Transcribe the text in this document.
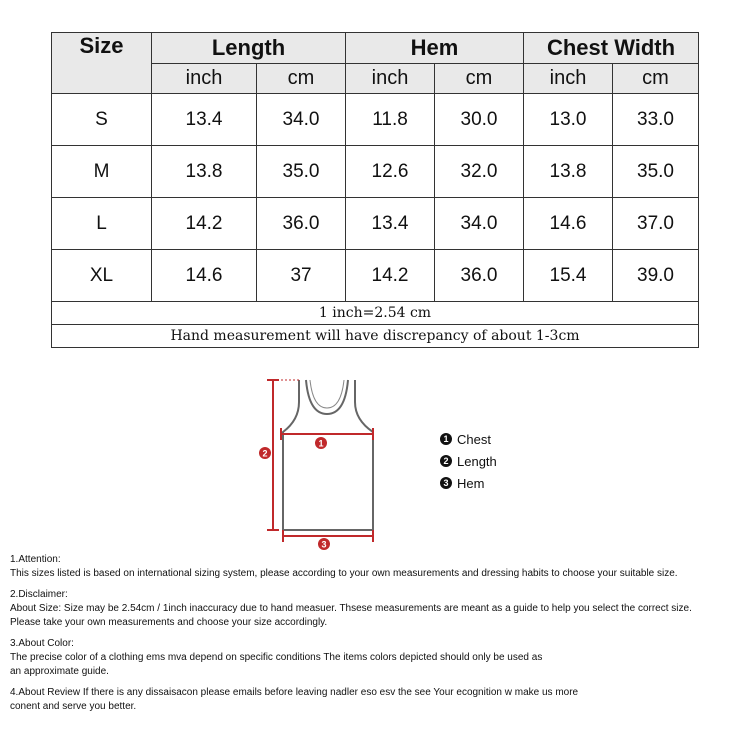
Size	Length		Hem		Chest Width	
	inch	cm	inch	cm	inch	cm
S	13.4	34.0	11.8	30.0	13.0	33.0
M	13.8	35.0	12.6	32.0	13.8	35.0
L	14.2	36.0	13.4	34.0	14.6	37.0
XL	14.6	37	14.2	36.0	15.4	39.0
1 inch=2.54 cm						
Hand measurement will have discrepancy of about 1-3cm						
1
2
3
1 Chest
2 Length
3 Hem

1.Attention:

This sizes listed is based on international sizing system, please according to your own measurements and dressing habits to choose your suitable size.

2.Disclaimer:

About Size: Size may be 2.54cm / 1inch inaccuracy due to hand measuer. Thsese measurements are meant as a guide to help you select the correct size.

Please take your own measurements and choose your size accordingly.

3.About Color:

The precise color of a clothing ems mva depend on specific conditions The items colors depicted should only be used as

an approximate guide.

4.About Review If there is any dissaisacon please emails before leaving nadler eso esv the see Your ecognition w make us more

conent and serve you better.
